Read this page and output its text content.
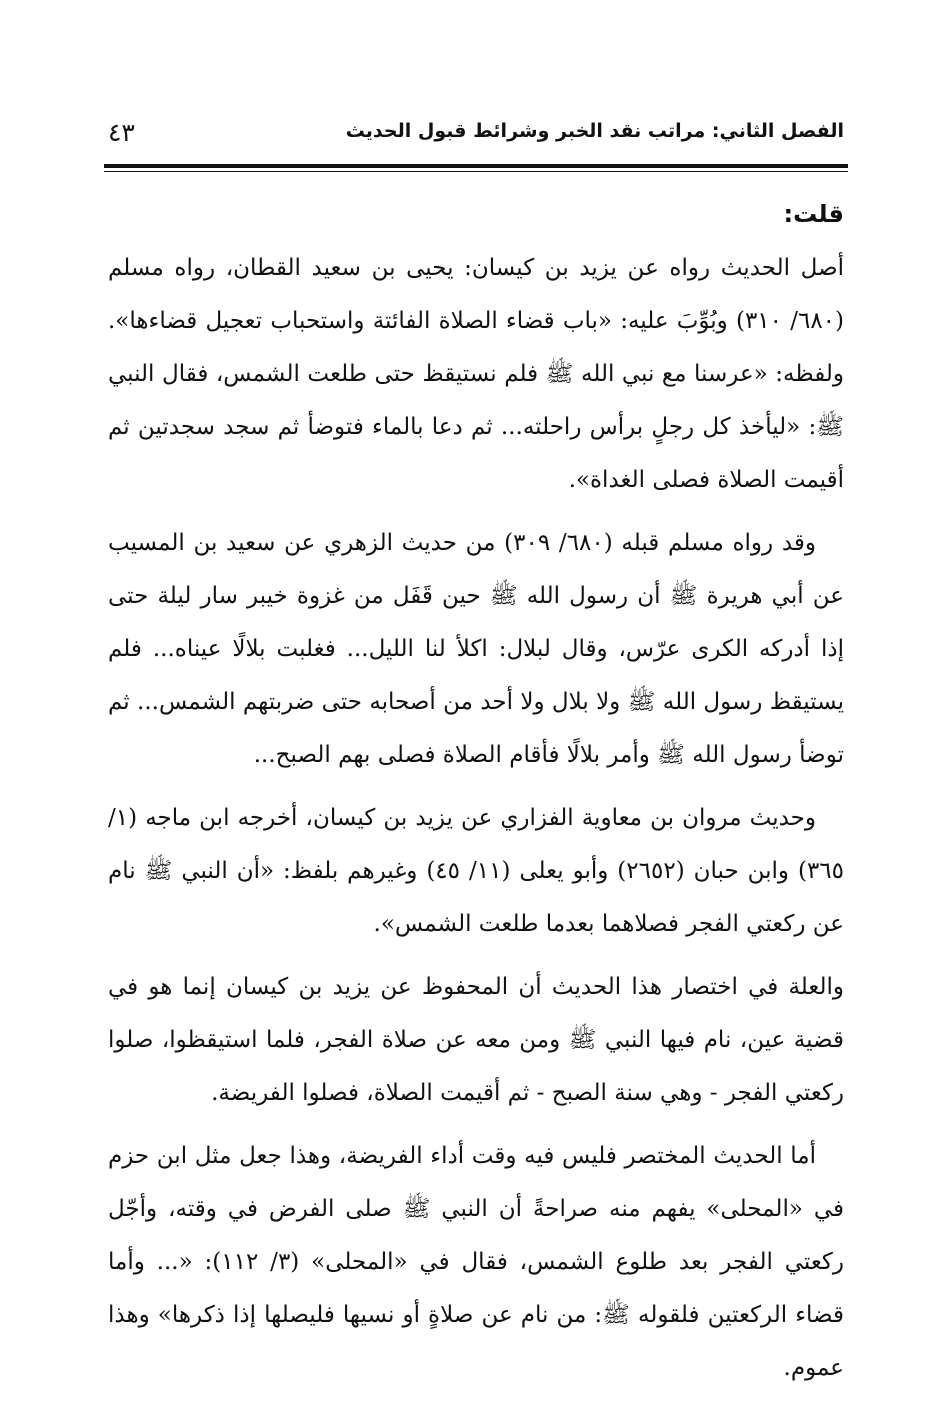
الفصل الثاني: مراتب نقد الخبر وشرائط قبول الحديث
٤٣
قلت:

أصل الحديث رواه عن يزيد بن كيسان: يحيى بن سعيد القطان، رواه مسلم (٦٨٠/ ٣١٠) وبُوِّبَ عليه: «باب قضاء الصلاة الفائتة واستحباب تعجيل قضاءها». ولفظه: «عرسنا مع نبي الله ﷺ فلم نستيقظ حتى طلعت الشمس، فقال النبي ﷺ: «ليأخذ كل رجلٍ برأس راحلته... ثم دعا بالماء فتوضأ ثم سجد سجدتين ثم أقيمت الصلاة فصلى الغداة».

وقد رواه مسلم قبله (٦٨٠/ ٣٠٩) من حديث الزهري عن سعيد بن المسيب عن أبي هريرة ﷺ أن رسول الله ﷺ حين قَفَل من غزوة خيبر سار ليلة حتى إذا أدركه الكرى عرّس، وقال لبلال: اكلأ لنا الليل... فغلبت بلالًا عيناه... فلم يستيقظ رسول الله ﷺ ولا بلال ولا أحد من أصحابه حتى ضربتهم الشمس... ثم توضأ رسول الله ﷺ وأمر بلالًا فأقام الصلاة فصلى بهم الصبح...

وحديث مروان بن معاوية الفزاري عن يزيد بن كيسان، أخرجه ابن ماجه (١/ ٣٦٥) وابن حبان (٢٦٥٢) وأبو يعلى (١١/ ٤٥) وغيرهم بلفظ: «أن النبي ﷺ نام عن ركعتي الفجر فصلاهما بعدما طلعت الشمس».

والعلة في اختصار هذا الحديث أن المحفوظ عن يزيد بن كيسان إنما هو في قضية عين، نام فيها النبي ﷺ ومن معه عن صلاة الفجر، فلما استيقظوا، صلوا ركعتي الفجر - وهي سنة الصبح - ثم أقيمت الصلاة، فصلوا الفريضة.

أما الحديث المختصر فليس فيه وقت أداء الفريضة، وهذا جعل مثل ابن حزم في «المحلى» يفهم منه صراحةً أن النبي ﷺ صلى الفرض في وقته، وأجّل ركعتي الفجر بعد طلوع الشمس، فقال في «المحلى» (٣/ ١١٢): «... وأما قضاء الركعتين فلقوله ﷺ: من نام عن صلاةٍ أو نسيها فليصلها إذا ذكرها» وهذا عموم.
